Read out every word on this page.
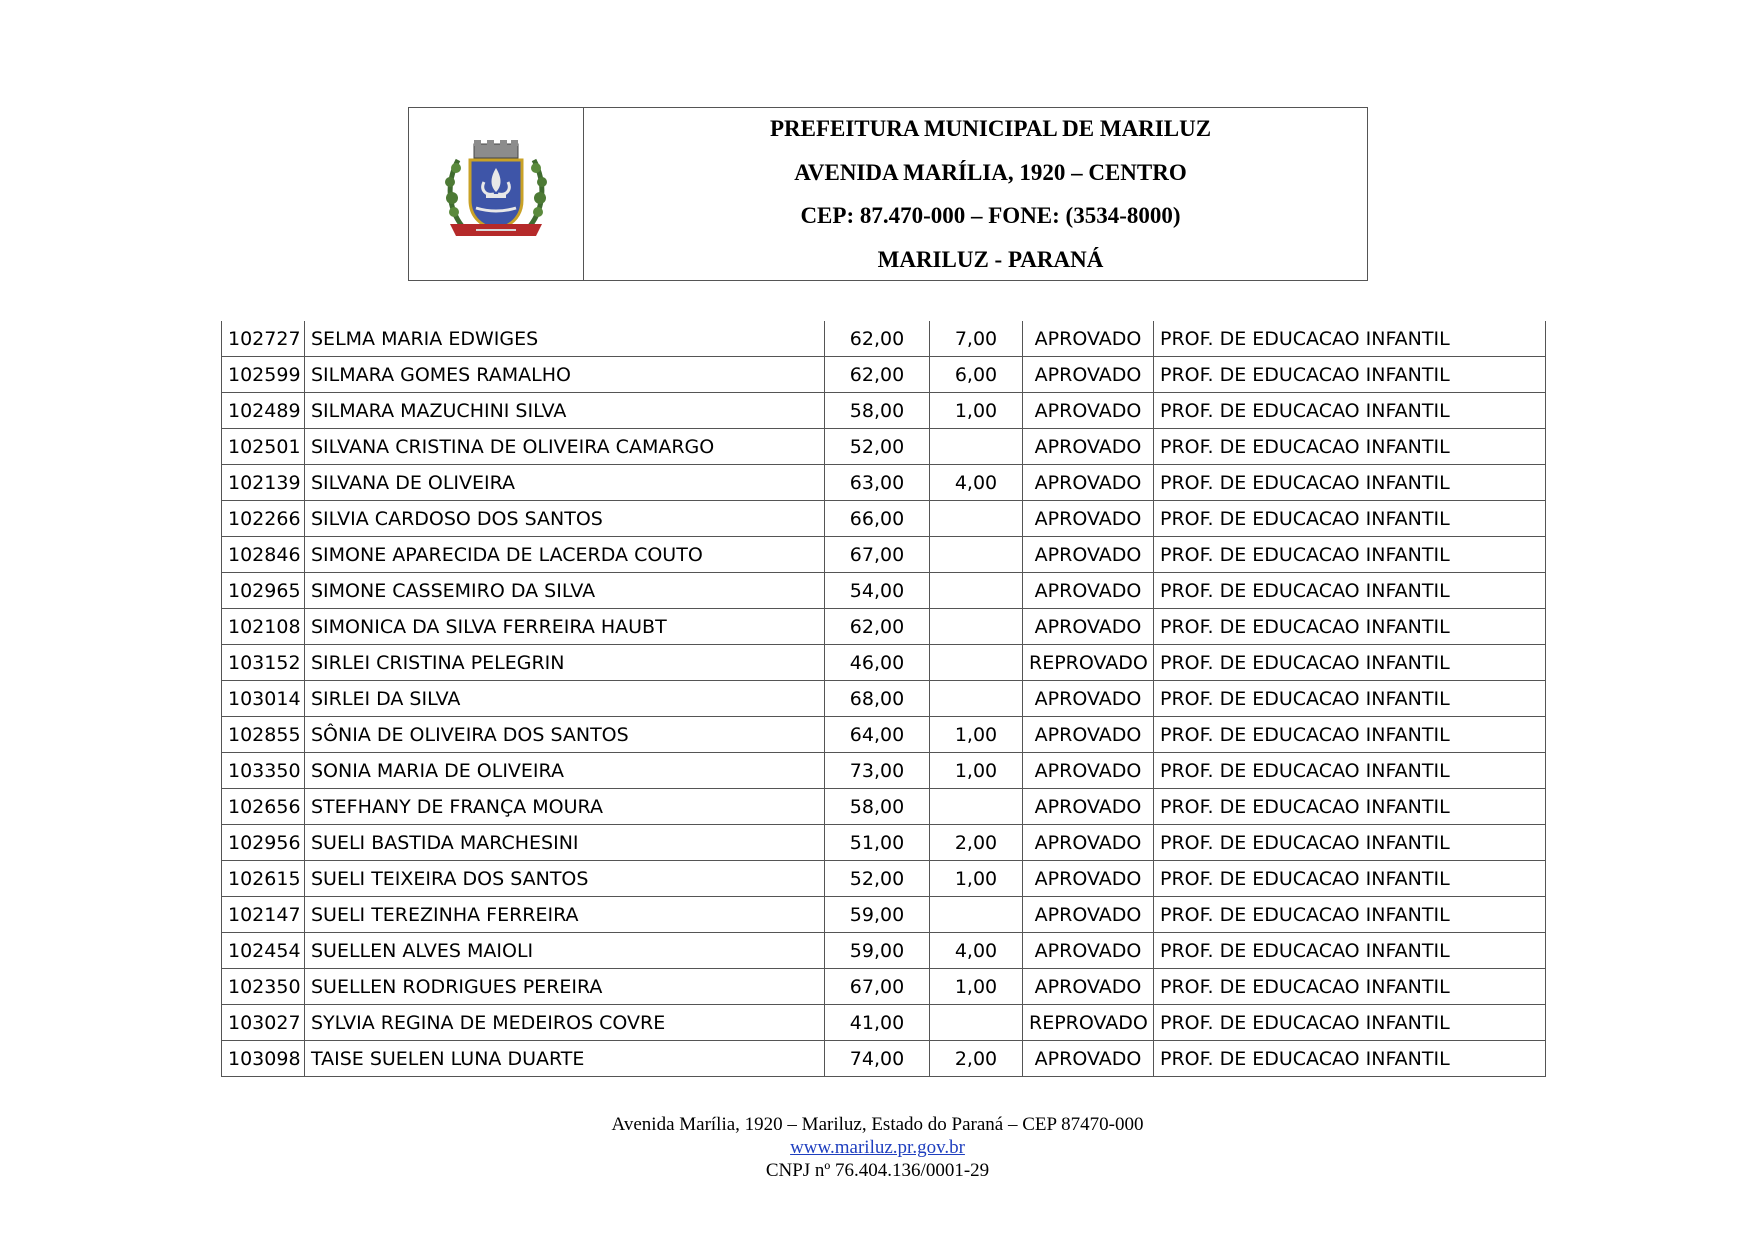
PREFEITURA MUNICIPAL DE MARILUZ
AVENIDA MARÍLIA, 1920 – CENTRO
CEP: 87.470-000 – FONE: (3534-8000)
MARILUZ - PARANÁ
102727	SELMA MARIA EDWIGES	62,00	7,00	APROVADO	PROF. DE EDUCACAO INFANTIL
102599	SILMARA GOMES RAMALHO	62,00	6,00	APROVADO	PROF. DE EDUCACAO INFANTIL
102489	SILMARA MAZUCHINI SILVA	58,00	1,00	APROVADO	PROF. DE EDUCACAO INFANTIL
102501	SILVANA CRISTINA DE OLIVEIRA CAMARGO	52,00		APROVADO	PROF. DE EDUCACAO INFANTIL
102139	SILVANA DE OLIVEIRA	63,00	4,00	APROVADO	PROF. DE EDUCACAO INFANTIL
102266	SILVIA CARDOSO DOS SANTOS	66,00		APROVADO	PROF. DE EDUCACAO INFANTIL
102846	SIMONE APARECIDA DE LACERDA COUTO	67,00		APROVADO	PROF. DE EDUCACAO INFANTIL
102965	SIMONE CASSEMIRO DA SILVA	54,00		APROVADO	PROF. DE EDUCACAO INFANTIL
102108	SIMONICA DA SILVA FERREIRA HAUBT	62,00		APROVADO	PROF. DE EDUCACAO INFANTIL
103152	SIRLEI CRISTINA PELEGRIN	46,00		REPROVADO	PROF. DE EDUCACAO INFANTIL
103014	SIRLEI DA SILVA	68,00		APROVADO	PROF. DE EDUCACAO INFANTIL
102855	SÔNIA DE OLIVEIRA DOS SANTOS	64,00	1,00	APROVADO	PROF. DE EDUCACAO INFANTIL
103350	SONIA MARIA DE OLIVEIRA	73,00	1,00	APROVADO	PROF. DE EDUCACAO INFANTIL
102656	STEFHANY DE FRANÇA MOURA	58,00		APROVADO	PROF. DE EDUCACAO INFANTIL
102956	SUELI BASTIDA MARCHESINI	51,00	2,00	APROVADO	PROF. DE EDUCACAO INFANTIL
102615	SUELI TEIXEIRA DOS SANTOS	52,00	1,00	APROVADO	PROF. DE EDUCACAO INFANTIL
102147	SUELI TEREZINHA FERREIRA	59,00		APROVADO	PROF. DE EDUCACAO INFANTIL
102454	SUELLEN ALVES MAIOLI	59,00	4,00	APROVADO	PROF. DE EDUCACAO INFANTIL
102350	SUELLEN RODRIGUES PEREIRA	67,00	1,00	APROVADO	PROF. DE EDUCACAO INFANTIL
103027	SYLVIA REGINA DE MEDEIROS COVRE	41,00		REPROVADO	PROF. DE EDUCACAO INFANTIL
103098	TAISE SUELEN LUNA DUARTE	74,00	2,00	APROVADO	PROF. DE EDUCACAO INFANTIL
Avenida Marília, 1920 – Mariluz, Estado do Paraná – CEP 87470-000
www.mariluz.pr.gov.br
CNPJ nº 76.404.136/0001-29
